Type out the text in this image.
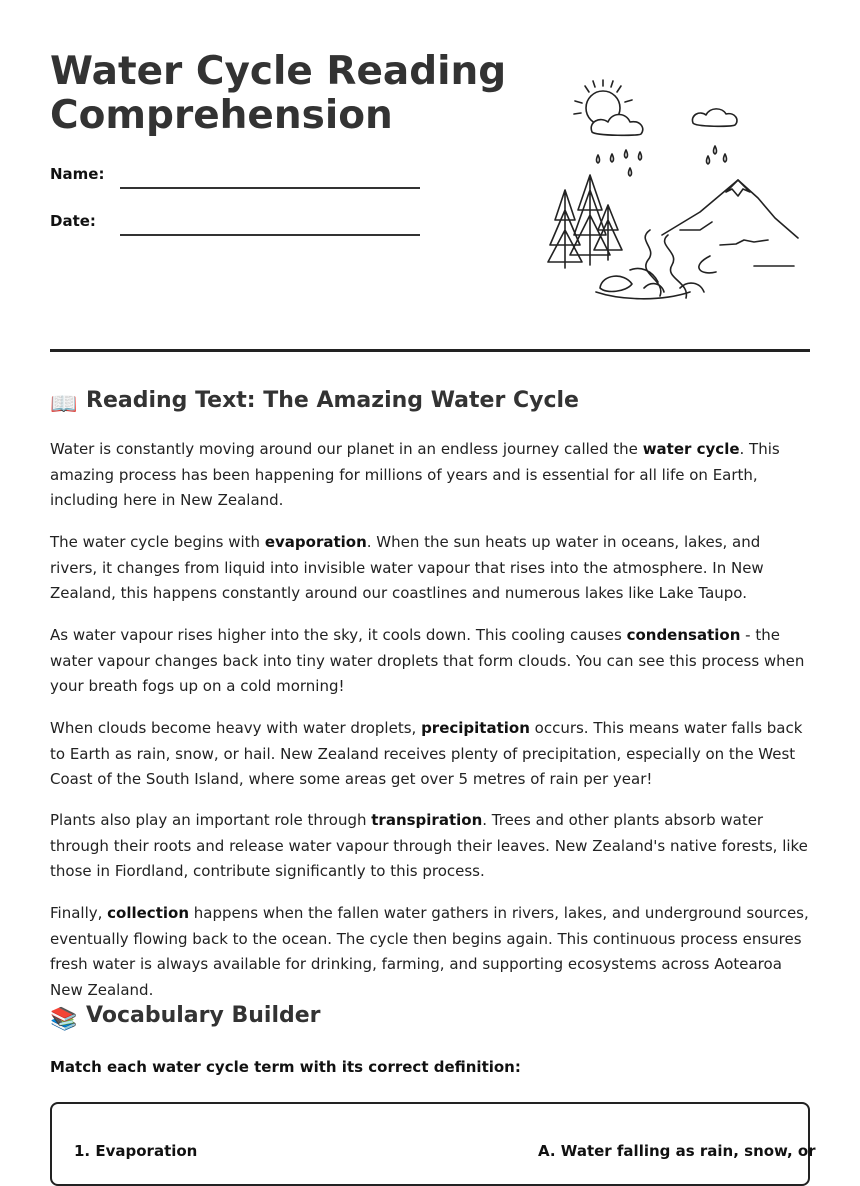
Water Cycle Reading Comprehension
Name:
Date:
📖 Reading Text: The Amazing Water Cycle

Water is constantly moving around our planet in an endless journey called the water cycle. This amazing process has been happening for millions of years and is essential for all life on Earth, including here in New Zealand.

The water cycle begins with evaporation. When the sun heats up water in oceans, lakes, and rivers, it changes from liquid into invisible water vapour that rises into the atmosphere. In New Zealand, this happens constantly around our coastlines and numerous lakes like Lake Taupo.

As water vapour rises higher into the sky, it cools down. This cooling causes condensation - the water vapour changes back into tiny water droplets that form clouds. You can see this process when your breath fogs up on a cold morning!

When clouds become heavy with water droplets, precipitation occurs. This means water falls back to Earth as rain, snow, or hail. New Zealand receives plenty of precipitation, especially on the West Coast of the South Island, where some areas get over 5 metres of rain per year!

Plants also play an important role through transpiration. Trees and other plants absorb water through their roots and release water vapour through their leaves. New Zealand's native forests, like those in Fiordland, contribute significantly to this process.

Finally, collection happens when the fallen water gathers in rivers, lakes, and underground sources, eventually flowing back to the ocean. The cycle then begins again. This continuous process ensures fresh water is always available for drinking, farming, and supporting ecosystems across Aotearoa New Zealand.

📚 Vocabulary Builder

Match each water cycle term with its correct definition:

1. Evaporation	A. Water falling as rain, snow, or
